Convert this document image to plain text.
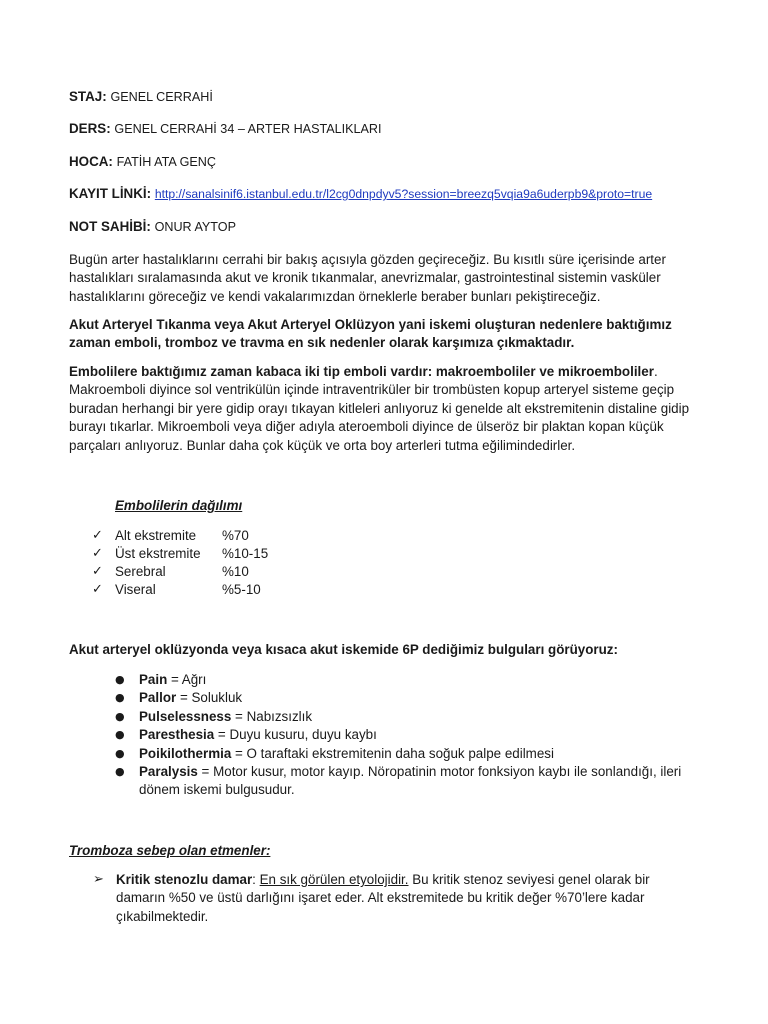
STAJ: GENEL CERRAHİ
DERS: GENEL CERRAHİ 34 – ARTER HASTALIKLARI
HOCA: FATİH ATA GENÇ
KAYIT LİNKİ: http://sanalsinif6.istanbul.edu.tr/l2cg0dnpdyv5?session=breezq5vqia9a6uderpb9&proto=true
NOT SAHİBİ: ONUR AYTOP
Bugün arter hastalıklarını cerrahi bir bakış açısıyla gözden geçireceğiz. Bu kısıtlı süre içerisinde arter hastalıkları sıralamasında akut ve kronik tıkanmalar, anevrizmalar, gastrointestinal sistemin vasküler hastalıklarını göreceğiz ve kendi vakalarımızdan örneklerle beraber bunları pekiştireceğiz.
Akut Arteryel Tıkanma veya Akut Arteryel Oklüzyon yani iskemi oluşturan nedenlere baktığımız zaman emboli, tromboz ve travma en sık nedenler olarak karşımıza çıkmaktadır.
Embolilere baktığımız zaman kabaca iki tip emboli vardır: makroemboliler ve mikroemboliler. Makroemboli diyince sol ventrikülün içinde intraventriküler bir trombüsten kopup arteryel sisteme geçip buradan herhangi bir yere gidip orayı tıkayan kitleleri anlıyoruz ki genelde alt ekstremitenin distaline gidip burayı tıkarlar. Mikroemboli veya diğer adıyla ateroemboli diyince de ülseröz bir plaktan kopan küçük parçaları anlıyoruz. Bunlar daha çok küçük ve orta boy arterleri tutma eğilimindedirler.
Embolilerin dağılımı
✓ Alt ekstremite	%70
✓ Üst ekstremite	%10-15
✓ Serebral	%10
✓ Viseral	%5-10
Akut arteryel oklüzyonda veya kısaca akut iskemide 6P dediğimiz bulguları görüyoruz:
●	Pain = Ağrı
●	Pallor = Solukluk
●	Pulselessness = Nabızsızlık
●	Paresthesia = Duyu kusuru, duyu kaybı
●	Poikilothermia = O taraftaki ekstremitenin daha soğuk palpe edilmesi
●	Paralysis = Motor kusur, motor kayıp. Nöropatinin motor fonksiyon kaybı ile sonlandığı, ileri dönem iskemi bulgusudur.
Tromboza sebep olan etmenler:
➢ Kritik stenozlu damar: En sık görülen etyolojidir. Bu kritik stenoz seviyesi genel olarak bir damarın %50 ve üstü darlığını işaret eder. Alt ekstremitede bu kritik değer %70’lere kadar çıkabilmektedir.
